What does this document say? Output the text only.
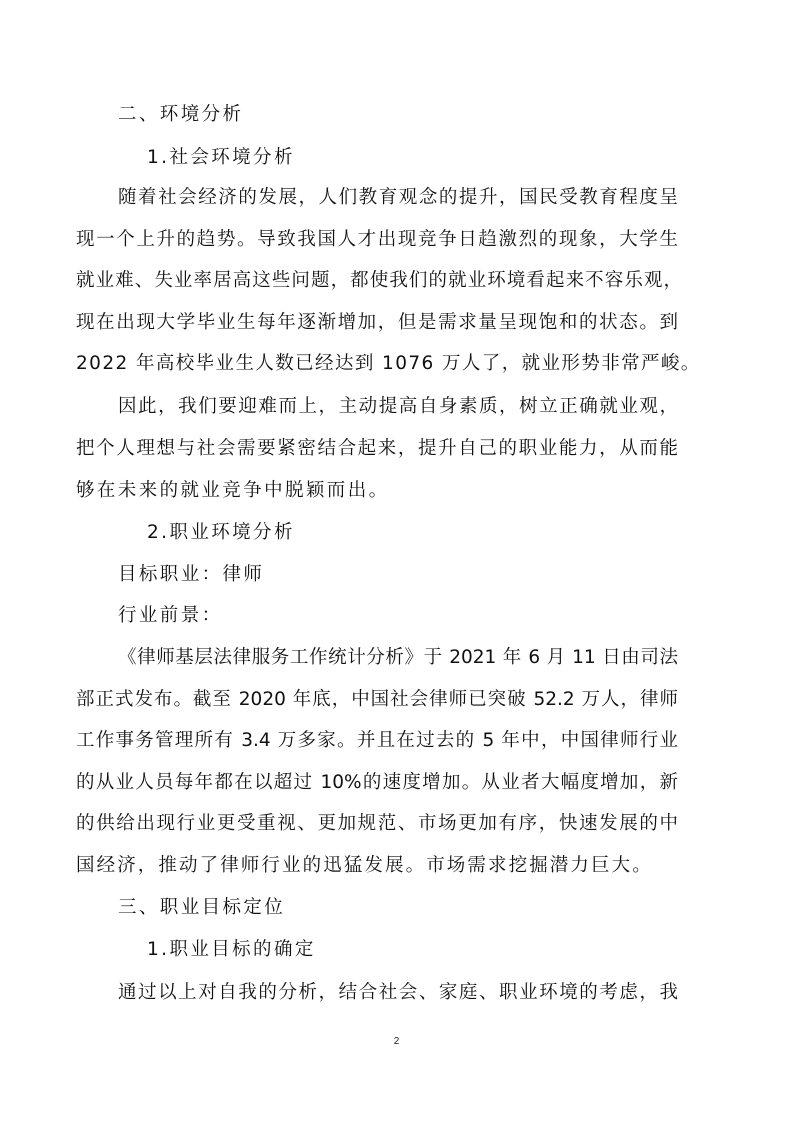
二、环境分析
1.社会环境分析
随着社会经济的发展，人们教育观念的提升，国民受教育程度呈
现一个上升的趋势。导致我国人才出现竞争日趋激烈的现象，大学生
就业难、失业率居高这些问题，都使我们的就业环境看起来不容乐观，
现在出现大学毕业生每年逐渐增加，但是需求量呈现饱和的状态。到
2022 年高校毕业生人数已经达到 1076 万人了，就业形势非常严峻。
因此，我们要迎难而上，主动提高自身素质，树立正确就业观，
把个人理想与社会需要紧密结合起来，提升自己的职业能力，从而能
够在未来的就业竞争中脱颖而出。
2.职业环境分析
目标职业：律师
行业前景：
《律师基层法律服务工作统计分析》于 2021 年 6 月 11 日由司法
部正式发布。截至 2020 年底，中国社会律师已突破 52.2 万人，律师
工作事务管理所有 3.4 万多家。并且在过去的 5 年中，中国律师行业
的从业人员每年都在以超过 10%的速度增加。从业者大幅度增加，新
的供给出现行业更受重视、更加规范、市场更加有序，快速发展的中
国经济，推动了律师行业的迅猛发展。市场需求挖掘潜力巨大。
三、职业目标定位
1.职业目标的确定
通过以上对自我的分析，结合社会、家庭、职业环境的考虑，我
2
